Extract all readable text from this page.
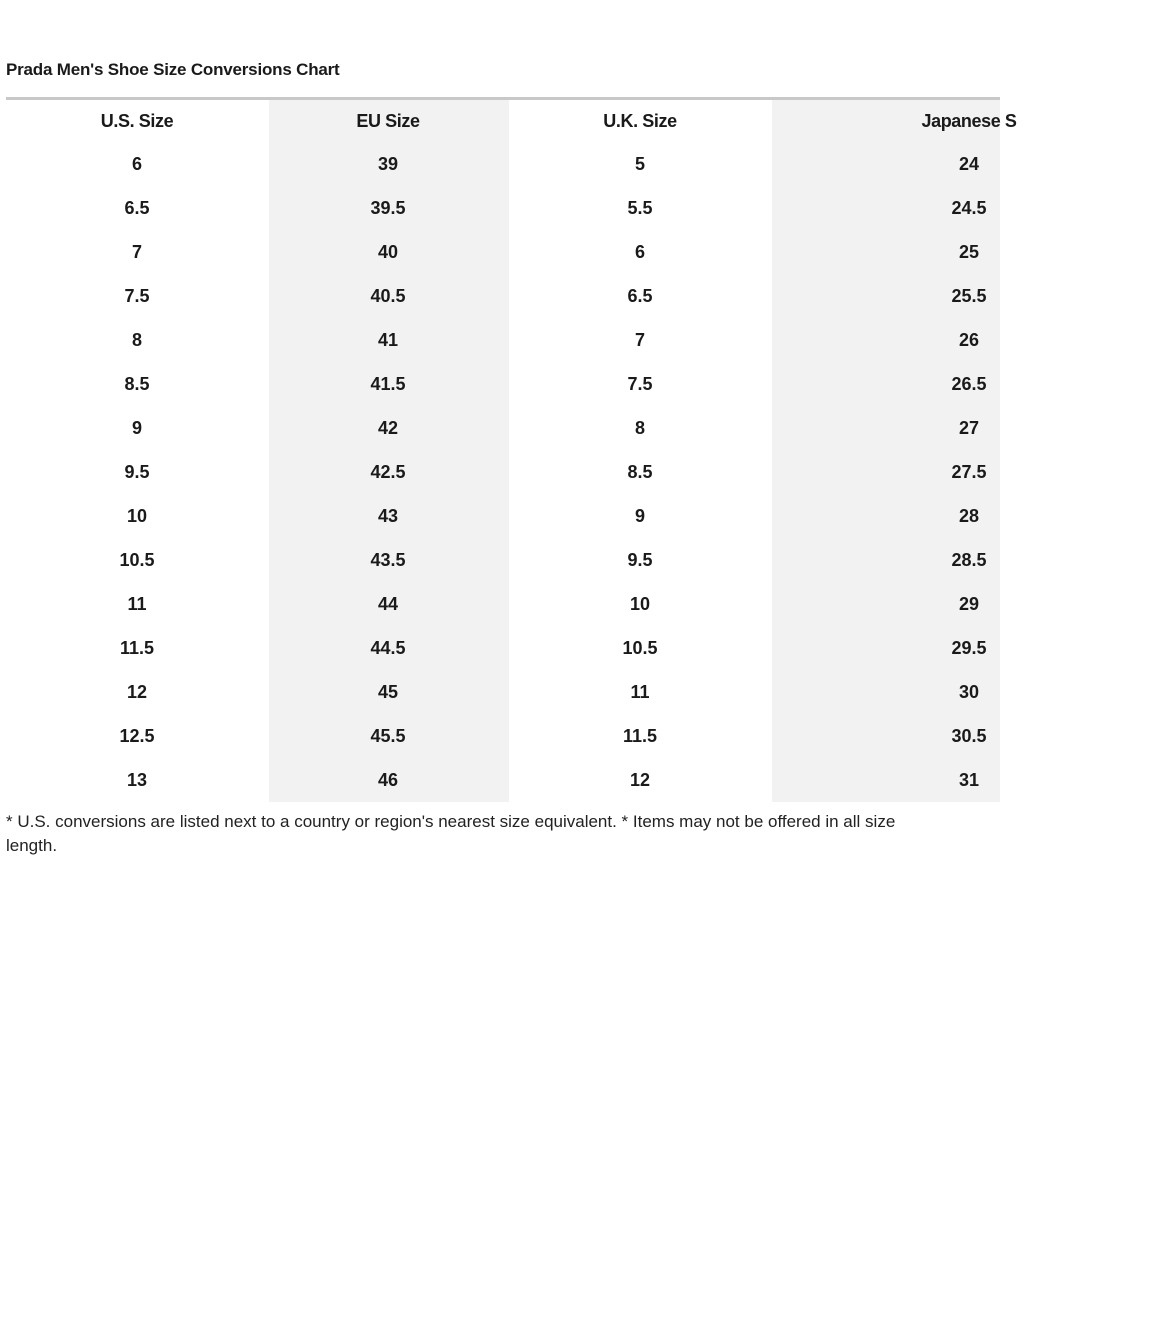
Prada Men's Shoe Size Conversions Chart
U.S. Size	EU Size	U.K. Size	Japanese S
6	39	5	24
6.5	39.5	5.5	24.5
7	40	6	25
7.5	40.5	6.5	25.5
8	41	7	26
8.5	41.5	7.5	26.5
9	42	8	27
9.5	42.5	8.5	27.5
10	43	9	28
10.5	43.5	9.5	28.5
11	44	10	29
11.5	44.5	10.5	29.5
12	45	11	30
12.5	45.5	11.5	30.5
13	46	12	31
* U.S. conversions are listed next to a country or region's nearest size equivalent. * Items may not be offered in all size
length.
